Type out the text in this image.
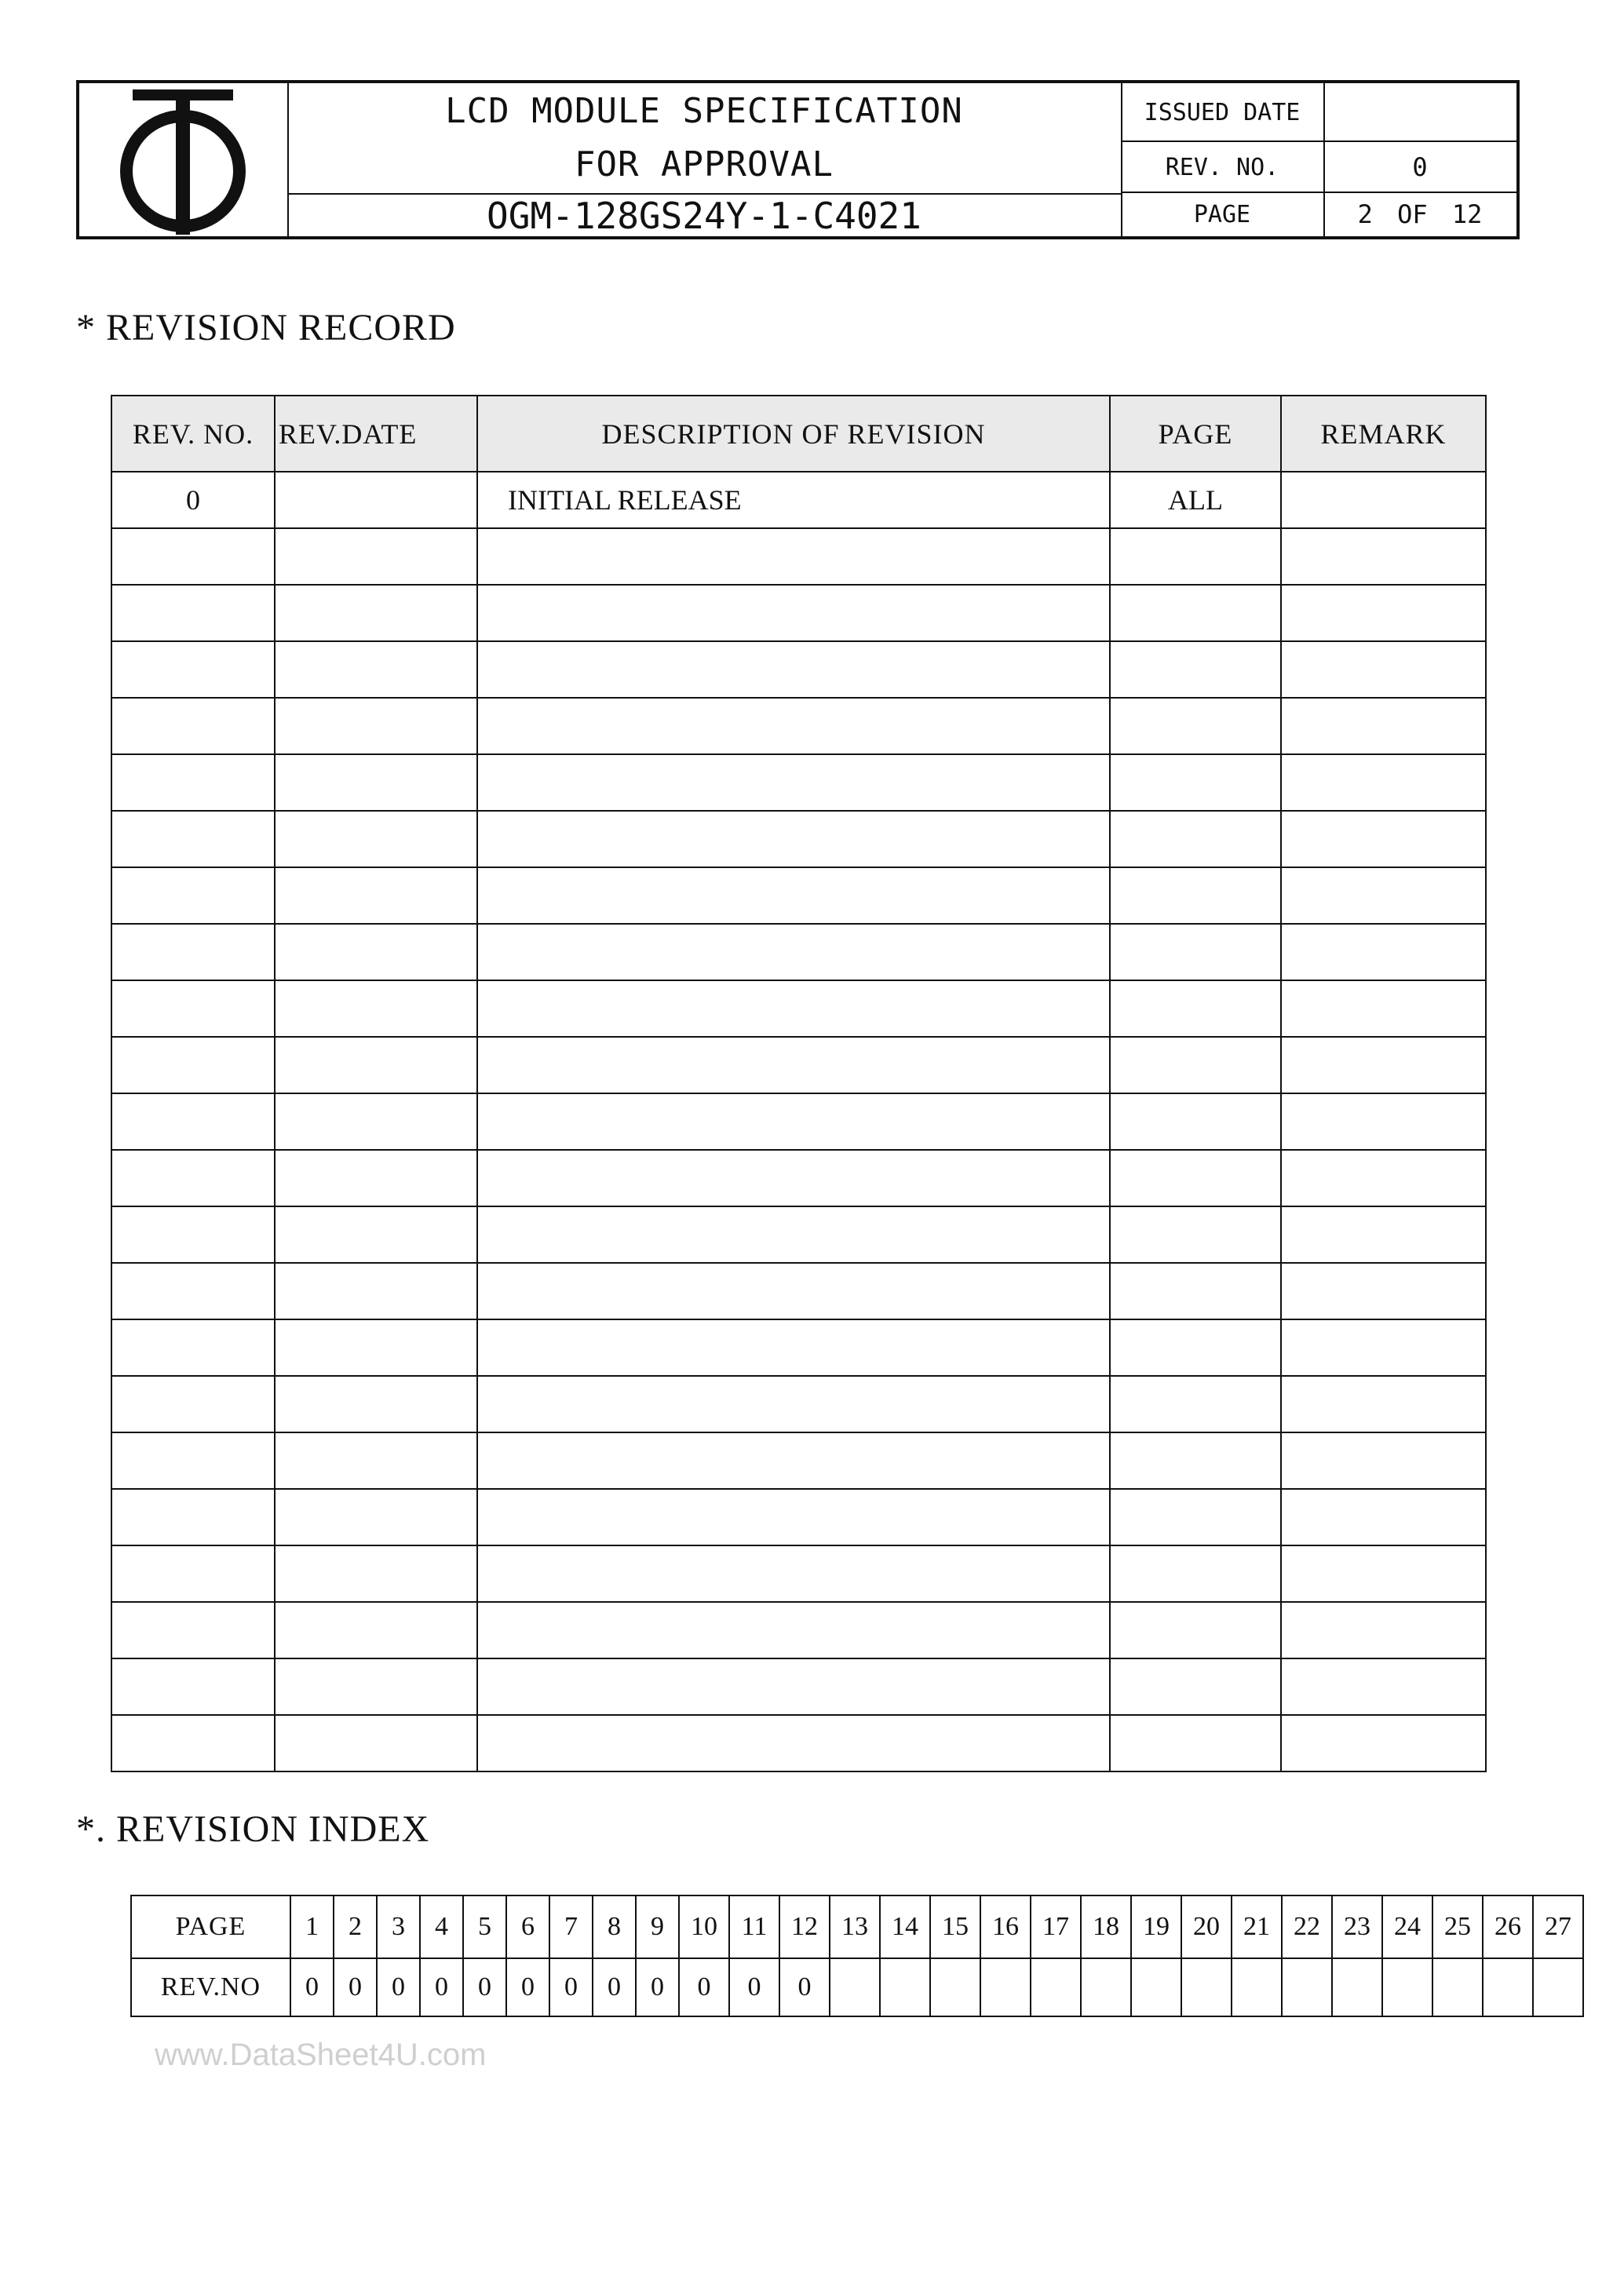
LCD MODULE SPECIFICATION
FOR APPROVAL
OGM-128GS24Y-1-C4021
ISSUED DATE
REV. NO.	0
PAGE	2 OF 12
* REVISION RECORD
REV. NO.	REV.DATE	DESCRIPTION OF REVISION	PAGE	REMARK
0		INITIAL RELEASE	ALL	

*. REVISION INDEX
PAGE	1	2	3	4	5	6	7	8	9	10	11	12	13	14	15	16	17	18	19	20	21	22	23	24	25	26	27
REV.NO	0	0	0	0	0	0	0	0	0	0	0	0															
www.DataSheet4U.com
